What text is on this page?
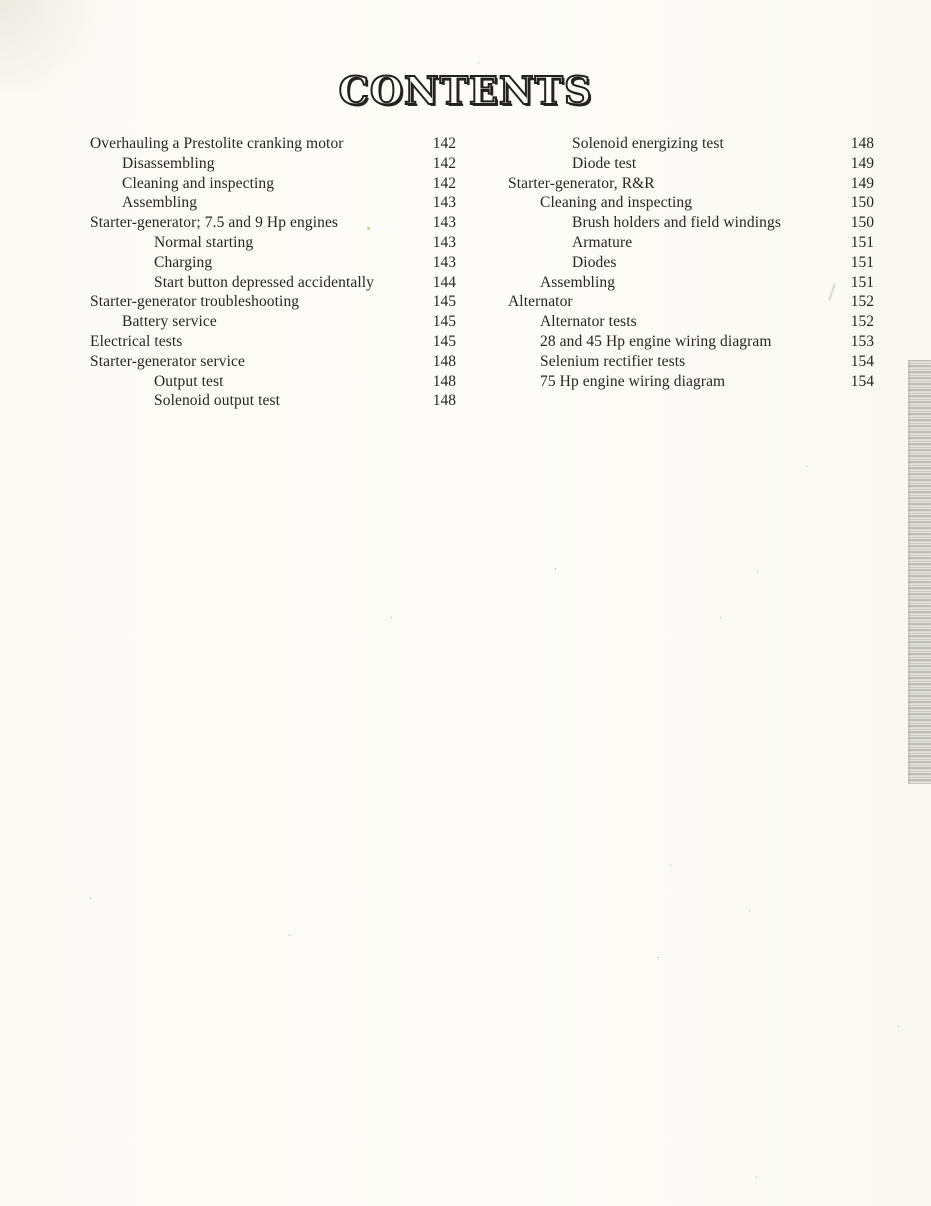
CONTENTS
Overhauling a Prestolite cranking motor	142
Disassembling	142
Cleaning and inspecting	142
Assembling	143
Starter-generator; 7.5 and 9 Hp engines	143
Normal starting	143
Charging	143
Start button depressed accidentally	144
Starter-generator troubleshooting	145
Battery service	145
Electrical tests	145
Starter-generator service	148
Output test	148
Solenoid output test	148
Solenoid energizing test	148
Diode test	149
Starter-generator, R&R	149
Cleaning and inspecting	150
Brush holders and field windings	150
Armature	151
Diodes	151
Assembling	151
Alternator	152
Alternator tests	152
28 and 45 Hp engine wiring diagram	153
Selenium rectifier tests	154
75 Hp engine wiring diagram	154
